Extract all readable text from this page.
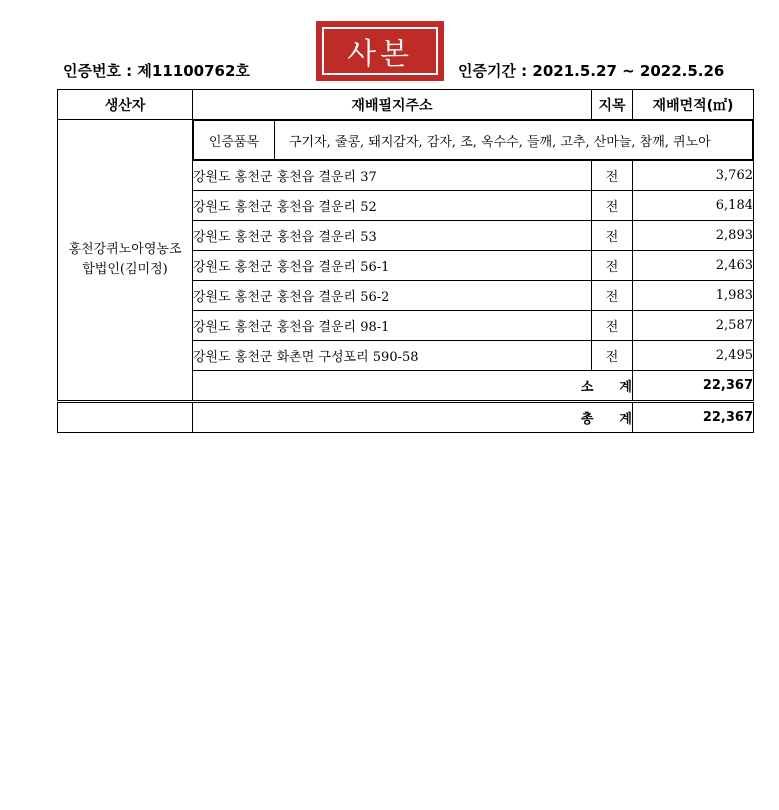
인증번호 : 제11100762호	사본	인증기간 : 2021.5.27 ~ 2022.5.26
생산자	재배필지주소	지목	재배면적(㎡)

홍천강퀴노아영농조
합법인(김미정)

인증품목	구기자, 줄콩, 돼지감자, 감자, 조, 옥수수, 들깨, 고추, 산마늘, 참깨, 퀴노아

강원도 홍천군 홍천읍 결운리 37	전	3,762
강원도 홍천군 홍천읍 결운리 52	전	6,184
강원도 홍천군 홍천읍 결운리 53	전	2,893
강원도 홍천군 홍천읍 결운리 56-1	전	2,463
강원도 홍천군 홍천읍 결운리 56-2	전	1,983
강원도 홍천군 홍천읍 결운리 98-1	전	2,587
강원도 홍천군 화촌면 구성포리 590-58	전	2,495
소　　계	22,367
	총　　계	22,367
